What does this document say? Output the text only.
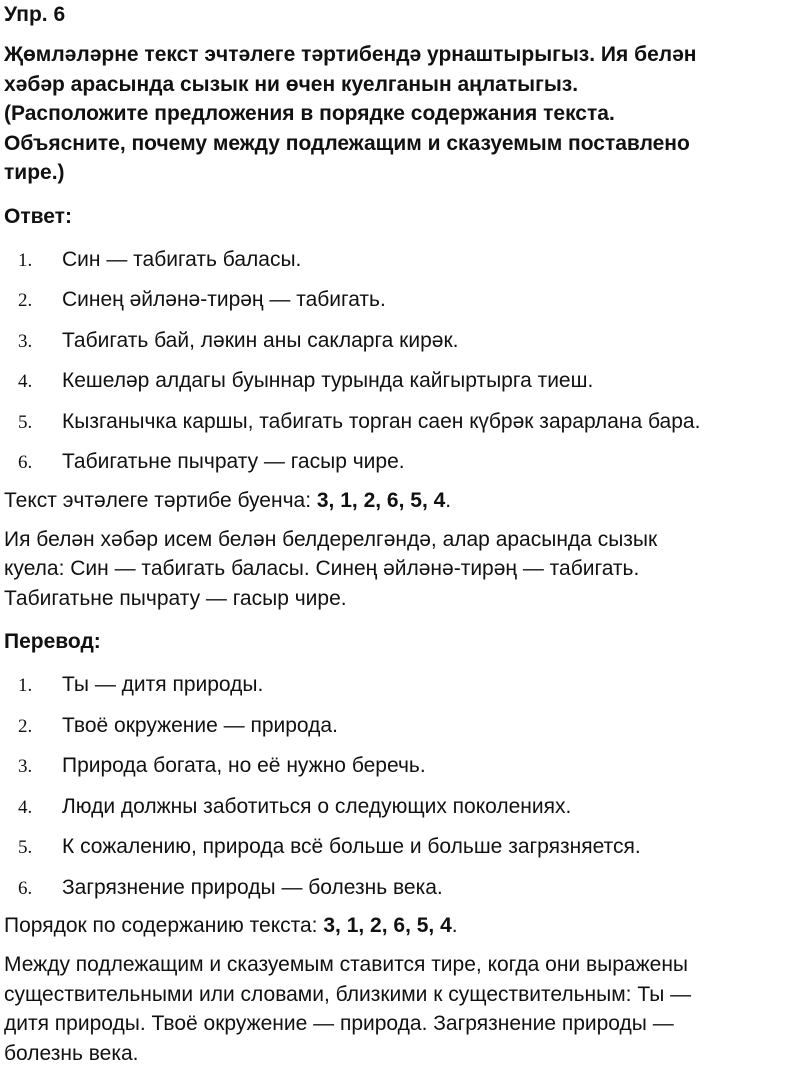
Упр. 6

Җөмләләрне текст эчтәлеге тәртибендә урнаштырыгыз. Ия белән
хәбәр арасында сызык ни өчен куелганын аңлатыгыз.
(Расположите предложения в порядке содержания текста.
Объясните, почему между подлежащим и сказуемым поставлено
тире.)

Ответ:
1.	Син — табигать баласы.
2.	Синең әйләнә-тирәң — табигать.
3.	Табигать бай, ләкин аны сакларга кирәк.
4.	Кешеләр алдагы буыннар турында кайгыртырга тиеш.
5.	Кызганычка каршы, табигать торган саен күбрәк зарарлана бара.
6.	Табигатьне пычрату — гасыр чире.

Текст эчтәлеге тәртибе буенча: 3, 1, 2, 6, 5, 4.

Ия белән хәбәр исем белән белдерелгәндә, алар арасында сызык
куела: Син — табигать баласы. Синең әйләнә-тирәң — табигать.
Табигатьне пычрату — гасыр чире.

Перевод:
1.	Ты — дитя природы.
2.	Твоё окружение — природа.
3.	Природа богата, но её нужно беречь.
4.	Люди должны заботиться о следующих поколениях.
5.	К сожалению, природа всё больше и больше загрязняется.
6.	Загрязнение природы — болезнь века.

Порядок по содержанию текста: 3, 1, 2, 6, 5, 4.

Между подлежащим и сказуемым ставится тире, когда они выражены
существительными или словами, близкими к существительным: Ты —
дитя природы. Твоё окружение — природа. Загрязнение природы —
болезнь века.
